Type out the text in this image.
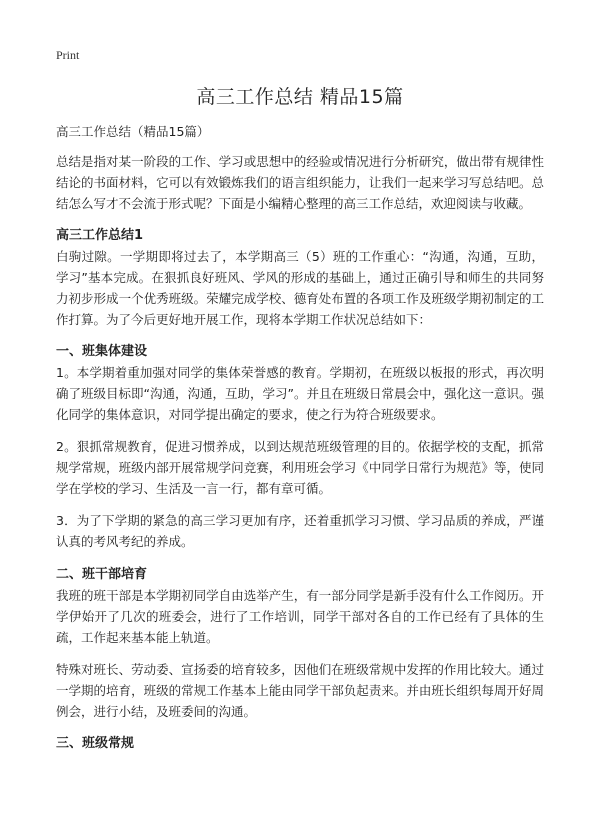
Print
高三工作总结 精品15篇

高三工作总结（精品15篇）

总结是指对某一阶段的工作、学习或思想中的经验或情况进行分析研究，做出带有规律性结论的书面材料，它可以有效锻炼我们的语言组织能力，让我们一起来学习写总结吧。总结怎么写才不会流于形式呢？下面是小编精心整理的高三工作总结，欢迎阅读与收藏。

高三工作总结1

白驹过隙。一学期即将过去了，本学期高三（5）班的工作重心：“沟通，沟通，互助，学习”基本完成。在狠抓良好班风、学风的形成的基础上，通过正确引导和师生的共同努力初步形成一个优秀班级。荣耀完成学校、德育处布置的各项工作及班级学期初制定的工作打算。为了今后更好地开展工作，现将本学期工作状况总结如下：

一、班集体建设

1。本学期着重加强对同学的集体荣誉感的教育。学期初，在班级以板报的形式，再次明确了班级目标即“沟通，沟通，互助，学习”。并且在班级日常晨会中，强化这一意识。强化同学的集体意识，对同学提出确定的要求，使之行为符合班级要求。

2。狠抓常规教育，促进习惯养成，以到达规范班级管理的目的。依据学校的支配，抓常规学常规，班级内部开展常规学问竞赛，利用班会学习《中同学日常行为规范》等，使同学在学校的学习、生活及一言一行，都有章可循。

3．为了下学期的紧急的高三学习更加有序，还着重抓学习习惯、学习品质的养成，严谨认真的考风考纪的养成。

二、班干部培育

我班的班干部是本学期初同学自由选举产生，有一部分同学是新手没有什么工作阅历。开学伊始开了几次的班委会，进行了工作培训，同学干部对各自的工作已经有了具体的生疏，工作起来基本能上轨道。

特殊对班长、劳动委、宣扬委的培育较多，因他们在班级常规中发挥的作用比较大。通过一学期的培育，班级的常规工作基本上能由同学干部负起责来。并由班长组织每周开好周例会，进行小结，及班委间的沟通。

三、班级常规
